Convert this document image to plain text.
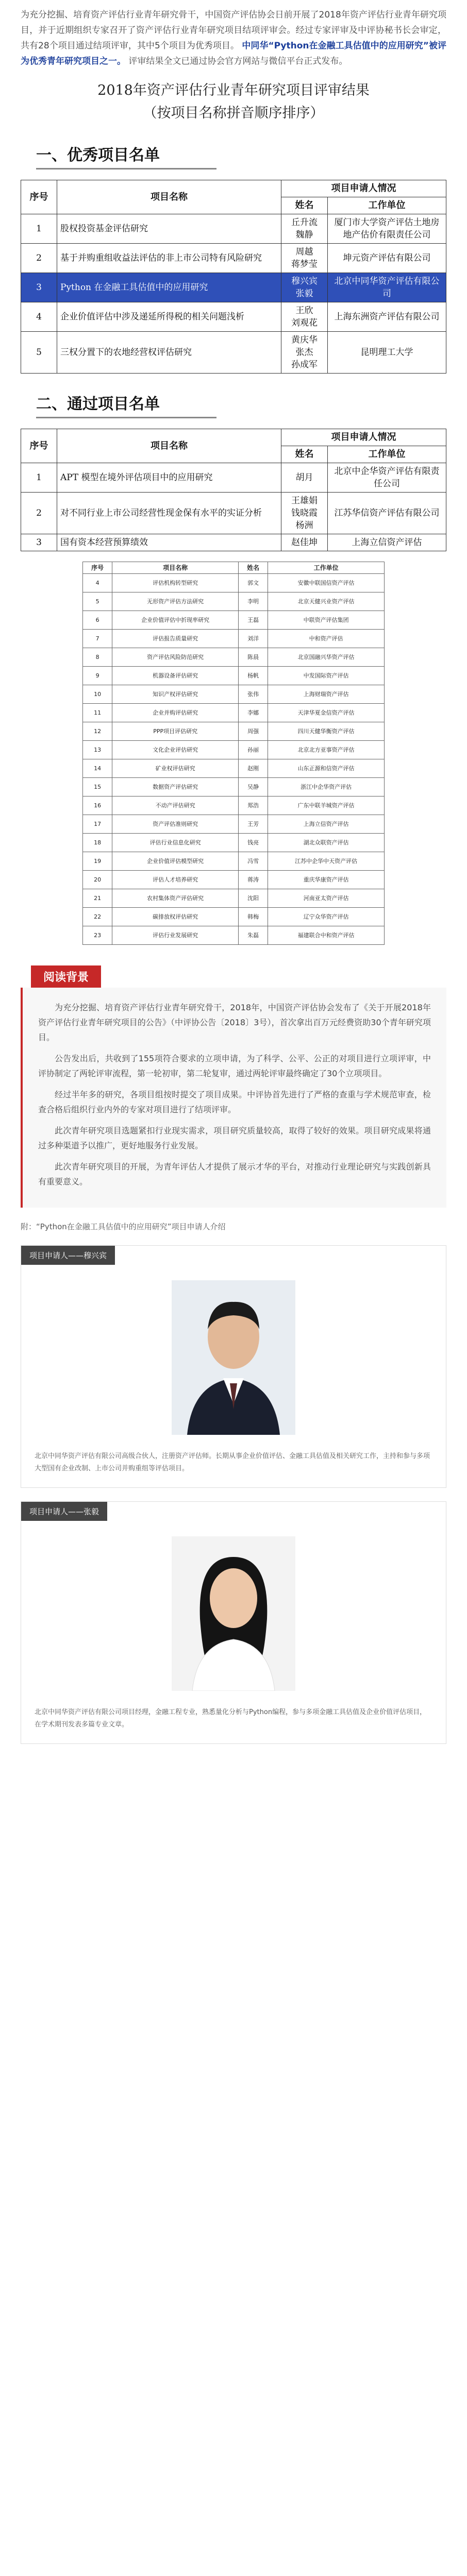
为充分挖掘、培育资产评估行业青年研究骨干，中国资产评估协会日前开展了2018年资产评估行业青年研究项目，并于近期组织专家召开了资产评估行业青年研究项目结项评审会。经过专家评审及中评协秘书长会审定，共有28个项目通过结项评审，其中5个项目为优秀项目。 中同华“Python在金融工具估值中的应用研究”被评为优秀青年研究项目之一。 评审结果全文已通过协会官方网站与微信平台正式发布。
2018年资产评估行业青年研究项目评审结果
（按项目名称拼音顺序排序）
一、优秀项目名单
序号	项目名称	项目申请人情况	
		姓名	工作单位
1	股权投资基金评估研究	丘升流
魏静	厦门市大学资产评估土地房地产估价有限责任公司
2	基于并购重组收益法评估的非上市公司特有风险研究	周越
蒋梦莹	坤元资产评估有限公司
3	Python 在金融工具估值中的应用研究	穆兴宾
张毅	北京中同华资产评估有限公司
4	企业价值评估中涉及递延所得税的相关问题浅析	王欣
刘观花	上海东洲资产评估有限公司
5	三权分置下的农地经营权评估研究	黄庆华
张杰
孙成军	昆明理工大学
二、通过项目名单
序号	项目名称	项目申请人情况	
		姓名	工作单位
1	APT 模型在境外评估项目中的应用研究	胡月	北京中企华资产评估有限责任公司
2	对不同行业上市公司经营性现金保有水平的实证分析	王雄娟
钱晓霞
杨洲	江苏华信资产评估有限公司
3	国有资本经营预算绩效	赵佳坤	上海立信资产评估
序号	项目名称	姓名	工作单位
4	评估机构转型研究	郭文	安徽中联国信资产评估
5	无形资产评估方法研究	李明	北京天健兴业资产评估
6	企业价值评估中折现率研究	王磊	中联资产评估集团
7	评估报告质量研究	刘洋	中和资产评估
8	资产评估风险防范研究	陈晨	北京国融兴华资产评估
9	机器设备评估研究	杨帆	中发国际资产评估
10	知识产权评估研究	张伟	上海财瑞资产评估
11	企业并购评估研究	李娜	天津华夏金信资产评估
12	PPP项目评估研究	周强	四川天健华衡资产评估
13	文化企业评估研究	孙丽	北京北方亚事资产评估
14	矿业权评估研究	赵刚	山东正源和信资产评估
15	数据资产评估研究	吴静	浙江中企华资产评估
16	不动产评估研究	郑浩	广东中联羊城资产评估
17	资产评估准则研究	王芳	上海立信资产评估
18	评估行业信息化研究	钱亮	湖北众联资产评估
19	企业价值评估模型研究	冯雪	江苏中企华中天资产评估
20	评估人才培养研究	蒋涛	重庆华康资产评估
21	农村集体资产评估研究	沈阳	河南亚太资产评估
22	碳排放权评估研究	韩梅	辽宁众华资产评估
23	评估行业发展研究	朱磊	福建联合中和资产评估
阅读背景

为充分挖掘、培育资产评估行业青年研究骨干，2018年，中国资产评估协会发布了《关于开展2018年资产评估行业青年研究项目的公告》（中评协公告〔2018〕3号），首次拿出百万元经费资助30个青年研究项目。

公告发出后，共收到了155项符合要求的立项申请，为了科学、公平、公正的对项目进行立项评审，中评协制定了两轮评审流程，第一轮初审，第二轮复审，通过两轮评审最终确定了30个立项项目。

经过半年多的研究，各项目组按时提交了项目成果。中评协首先进行了严格的查重与学术规范审查，检查合格后组织行业内外的专家对项目进行了结项评审。

此次青年研究项目选题紧扣行业现实需求，项目研究质量较高，取得了较好的效果。项目研究成果将通过多种渠道予以推广，更好地服务行业发展。

此次青年研究项目的开展，为青年评估人才提供了展示才华的平台，对推动行业理论研究与实践创新具有重要意义。

附：“Python在金融工具估值中的应用研究”项目申请人介绍
项目申请人——穆兴宾
北京中同华资产评估有限公司高级合伙人，注册资产评估师。长期从事企业价值评估、金融工具估值及相关研究工作，主持和参与多项大型国有企业改制、上市公司并购重组等评估项目。
项目申请人——张毅
北京中同华资产评估有限公司项目经理，金融工程专业，熟悉量化分析与Python编程，参与多项金融工具估值及企业价值评估项目，在学术期刊发表多篇专业文章。
